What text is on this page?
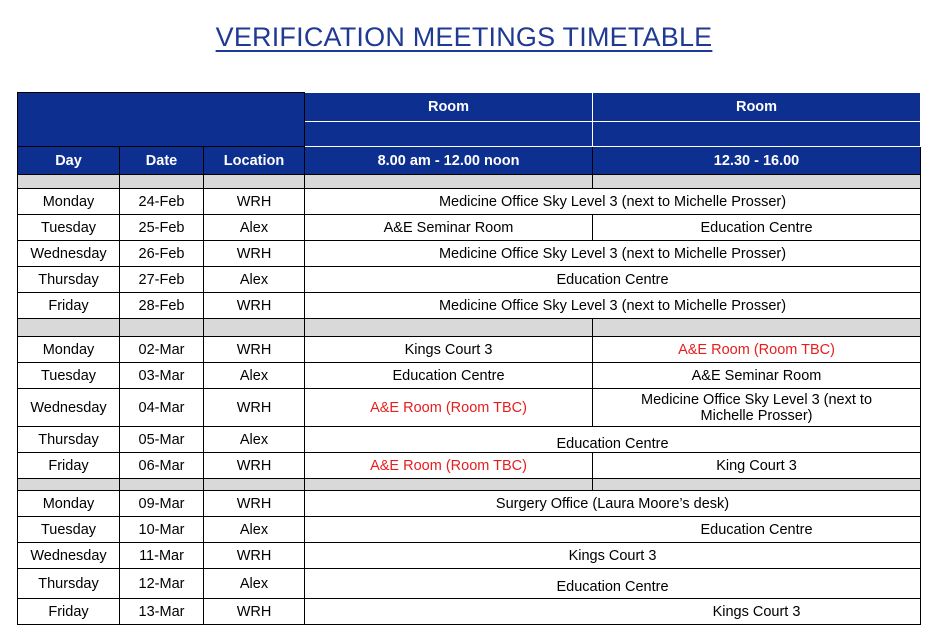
VERIFICATION MEETINGS TIMETABLE
			Room	Room

Day	Date	Location	8.00 am - 12.00 noon	12.30 - 16.00

Monday	24-Feb	WRH	Medicine Office Sky Level 3 (next to Michelle Prosser)	
Tuesday	25-Feb	Alex	A&E Seminar Room	Education Centre
Wednesday	26-Feb	WRH	Medicine Office Sky Level 3 (next to Michelle Prosser)	
Thursday	27-Feb	Alex	Education Centre	
Friday	28-Feb	WRH	Medicine Office Sky Level 3 (next to Michelle Prosser)	

Monday	02-Mar	WRH	Kings Court 3	A&E Room (Room TBC)
Tuesday	03-Mar	Alex	Education Centre	A&E Seminar Room
Wednesday	04-Mar	WRH	A&E Room (Room TBC)	Medicine Office Sky Level 3 (next to Michelle Prosser)
Thursday	05-Mar	Alex	Education Centre	
Friday	06-Mar	WRH	A&E Room (Room TBC)	King Court 3

Monday	09-Mar	WRH	Surgery Office (Laura Moore’s desk)	
Tuesday	10-Mar	Alex		Education Centre
Wednesday	11-Mar	WRH	Kings Court 3	
Thursday	12-Mar	Alex	Education Centre	
Friday	13-Mar	WRH		Kings Court 3
